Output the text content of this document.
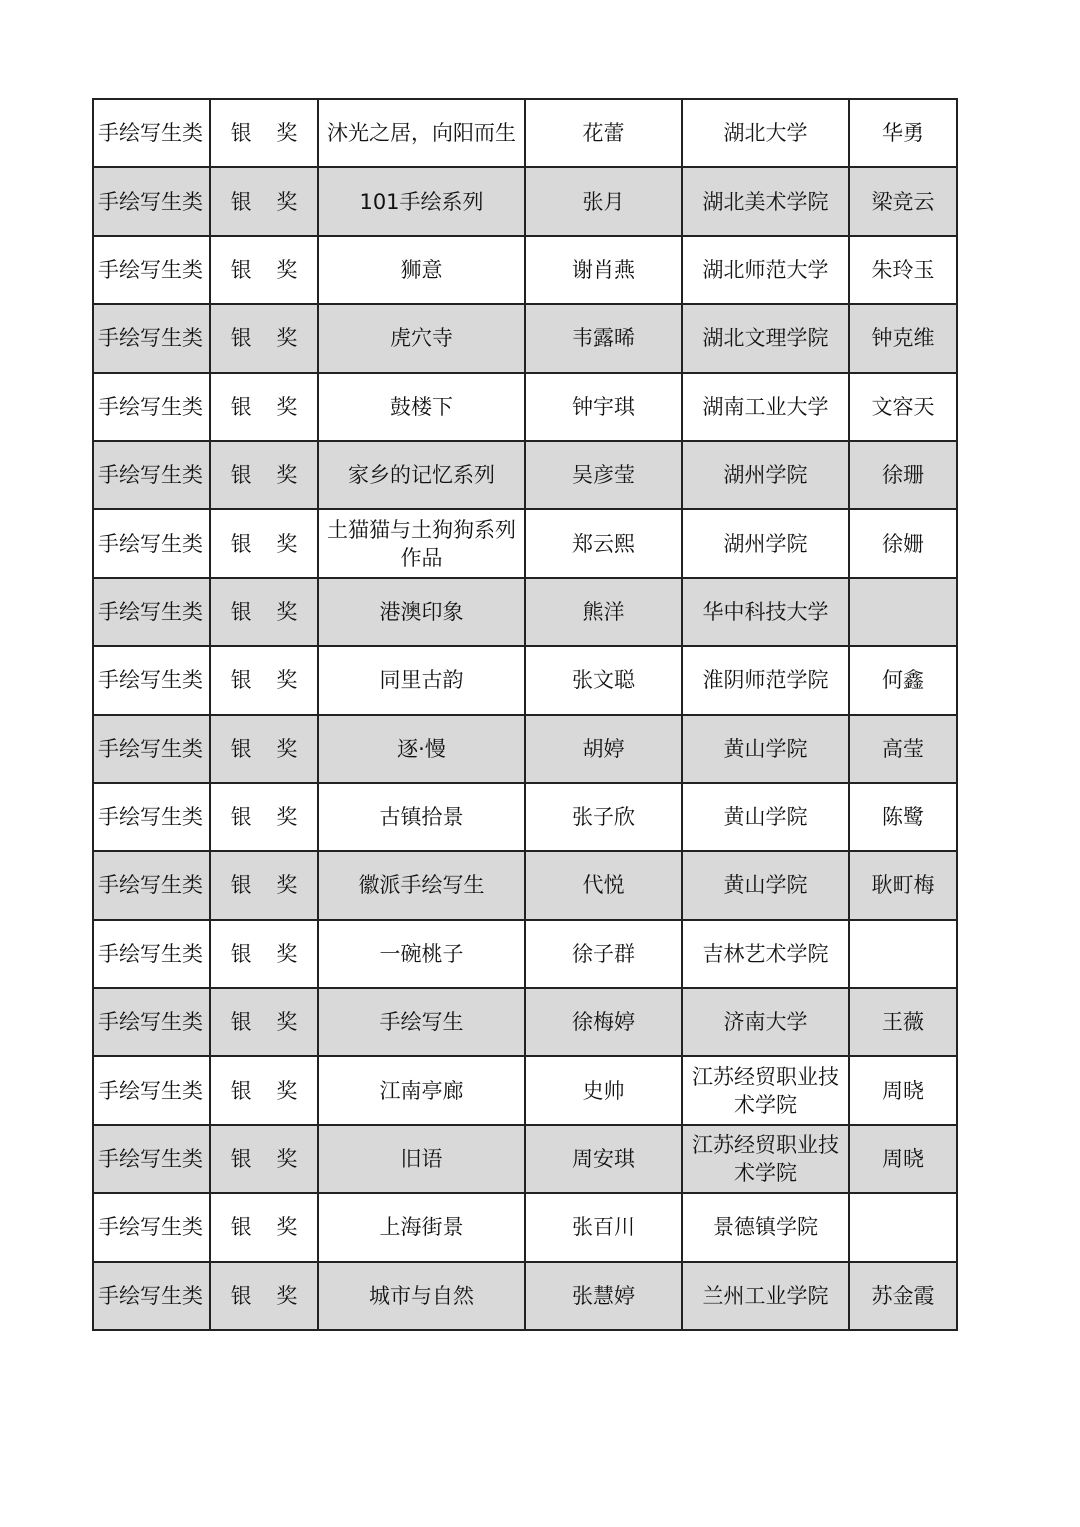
手绘写生类	银 奖	沐光之居，向阳而生	花蕾	湖北大学	华勇
手绘写生类	银 奖	101手绘系列	张月	湖北美术学院	梁竞云
手绘写生类	银 奖	狮意	谢肖燕	湖北师范大学	朱玲玉
手绘写生类	银 奖	虎穴寺	韦露晞	湖北文理学院	钟克维
手绘写生类	银 奖	鼓楼下	钟宇琪	湖南工业大学	文容天
手绘写生类	银 奖	家乡的记忆系列	吴彦莹	湖州学院	徐珊
手绘写生类	银 奖	土猫猫与土狗狗系列作品	郑云熙	湖州学院	徐姗
手绘写生类	银 奖	港澳印象	熊洋	华中科技大学	
手绘写生类	银 奖	同里古韵	张文聪	淮阴师范学院	何鑫
手绘写生类	银 奖	逐·慢	胡婷	黄山学院	高莹
手绘写生类	银 奖	古镇拾景	张子欣	黄山学院	陈鹭
手绘写生类	银 奖	徽派手绘写生	代悦	黄山学院	耿町梅
手绘写生类	银 奖	一碗桃子	徐子群	吉林艺术学院	
手绘写生类	银 奖	手绘写生	徐梅婷	济南大学	王薇
手绘写生类	银 奖	江南亭廊	史帅	江苏经贸职业技术学院	周晓
手绘写生类	银 奖	旧语	周安琪	江苏经贸职业技术学院	周晓
手绘写生类	银 奖	上海街景	张百川	景德镇学院	
手绘写生类	银 奖	城市与自然	张慧婷	兰州工业学院	苏金霞
